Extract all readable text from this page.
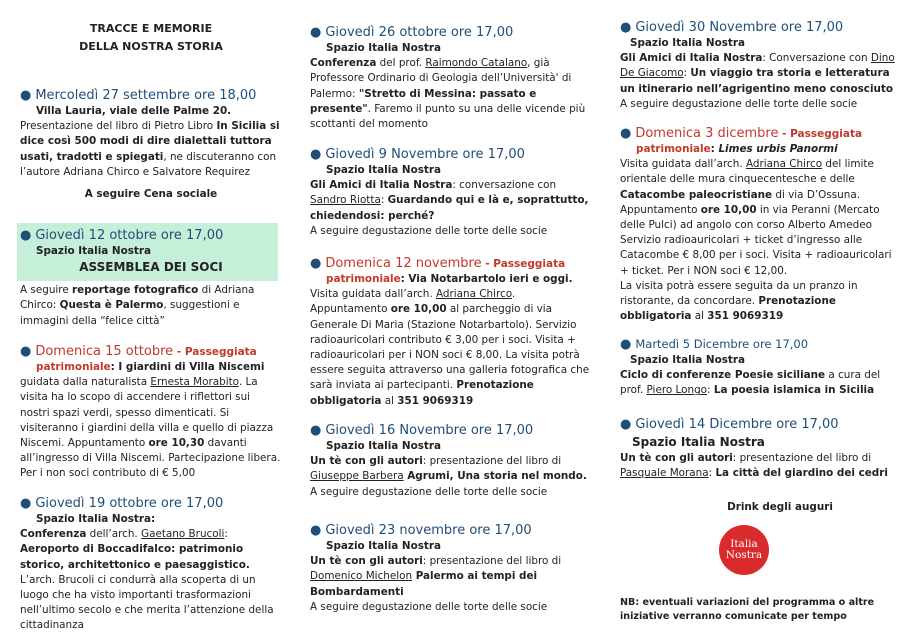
TRACCE E MEMORIE
DELLA NOSTRA STORIA
● Mercoledì 27 settembre ore 18,00
Villa Lauria, viale delle Palme 20.
Presentazione del libro di Pietro Libro In Sicilia si dice così 500 modi di dire dialettali tuttora usati, tradotti e spiegati, ne discuteranno con l’autore Adriana Chirco e Salvatore Requirez
A seguire Cena sociale
● Giovedì 12 ottobre ore 17,00
Spazio Italia Nostra
ASSEMBLEA DEI SOCI
A seguire reportage fotografico di Adriana Chirco: Questa è Palermo, suggestioni e immagini della “felice città”
● Domenica 15 ottobre - Passeggiata
patrimoniale: I giardini di Villa Niscemi
guidata dalla naturalista Ernesta Morabito. La visita ha lo scopo di accendere i riflettori sui nostri spazi verdi, spesso dimenticati. Si visiteranno i giardini della villa e quello di piazza Niscemi. Appuntamento ore 10,30 davanti all’ingresso di Villa Niscemi. Partecipazione libera. Per i non soci contributo di € 5,00
● Giovedì 19 ottobre ore 17,00
Spazio Italia Nostra:
Conferenza dell’arch. Gaetano Brucoli: Aeroporto di Boccadifalco: patrimonio storico, architettonico e paesaggistico. L’arch. Brucoli ci condurrà alla scoperta di un luogo che ha visto importanti trasformazioni nell’ultimo secolo e che merita l’attenzione della cittadinanza
● Giovedì 26 ottobre ore 17,00
Spazio Italia Nostra
Conferenza del prof. Raimondo Catalano, già Professore Ordinario di Geologia dell’Università' di Palermo: "Stretto di Messina: passato e presente". Faremo il punto su una delle vicende più scottanti del momento
● Giovedì 9 Novembre ore 17,00
Spazio Italia Nostra
Gli Amici di Italia Nostra: conversazione con Sandro Riotta: Guardando qui e là e, soprattutto, chiedendosi: perché?
A seguire degustazione delle torte delle socie
● Domenica 12 novembre - Passeggiata
patrimoniale: Via Notarbartolo ieri e oggi.
Visita guidata dall’arch. Adriana Chirco. Appuntamento ore 10,00 al parcheggio di via Generale Di Maria (Stazione Notarbartolo). Servizio radioauricolari contributo € 3,00 per i soci. Visita + radioauricolari per i NON soci € 8,00. La visita potrà essere seguita attraverso una galleria fotografica che sarà inviata ai partecipanti. Prenotazione obbligatoria al 351 9069319
● Giovedì 16 Novembre ore 17,00
Spazio Italia Nostra
Un tè con gli autori: presentazione del libro di Giuseppe Barbera Agrumi, Una storia nel mondo.
A seguire degustazione delle torte delle socie
● Giovedì 23 novembre ore 17,00
Spazio Italia Nostra
Un tè con gli autori: presentazione del libro di Domenico Michelon Palermo ai tempi dei Bombardamenti
A seguire degustazione delle torte delle socie
● Giovedì 30 Novembre ore 17,00
Spazio Italia Nostra
Gli Amici di Italia Nostra: Conversazione con Dino De Giacomo: Un viaggio tra storia e letteratura un itinerario nell’agrigentino meno conosciuto
A seguire degustazione delle torte delle socie
● Domenica 3 dicembre - Passeggiata
patrimoniale: Limes urbis Panormi
Visita guidata dall’arch. Adriana Chirco del limite orientale delle mura cinquecentesche e delle Catacombe paleocristiane di via D’Ossuna. Appuntamento ore 10,00 in via Peranni (Mercato delle Pulci) ad angolo con corso Alberto Amedeo Servizio radioauricolari + ticket d’ingresso alle Catacombe € 8,00 per i soci. Visita + radioauricolari + ticket. Per i NON soci € 12,00.
La visita potrà essere seguita da un pranzo in ristorante, da concordare. Prenotazione obbligatoria al 351 9069319
● Martedì 5 Dicembre ore 17,00
Spazio Italia Nostra
Ciclo di conferenze Poesie siciliane a cura del prof. Piero Longo: La poesia islamica in Sicilia
● Giovedì 14 Dicembre ore 17,00
Spazio Italia Nostra
Un tè con gli autori: presentazione del libro di Pasquale Morana: La città del giardino dei cedri
Drink degli auguri
NB: eventuali variazioni del programma o altre iniziative verranno comunicate per tempo
Italia
Nostra
